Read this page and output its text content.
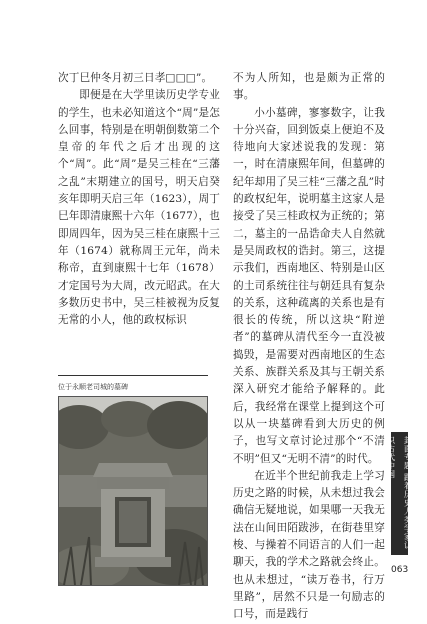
次丁巳仲冬月初三日孝□□□”。

即便是在大学里读历史学专业的学生，也未必知道这个“周”是怎么回事，特别是在明朝倒数第二个皇帝的年代之后才出现的这个“周”。此“周”是吴三桂在“三藩之乱”末期建立的国号，明天启癸亥年即明天启三年（1623），周丁巳年即清康熙十六年（1677），也即周四年，因为吴三桂在康熙十三年（1674）就称周王元年，尚未称帝，直到康熙十七年（1678）才定国号为大周，改元昭武。在大多数历史书中，吴三桂被视为反复无常的小人，他的政权标识

不为人所知，也是颇为正常的事。

小小墓碑，寥寥数字，让我十分兴奋，回到饭桌上便迫不及待地向大家述说我的发现：第一，时在清康熙年间，但墓碑的纪年却用了吴三桂“三藩之乱”时的政权纪年，说明墓主这家人是接受了吴三桂政权为正统的；第二，墓主的一品诰命夫人自然就是吴周政权的诰封。第三，这提示我们，西南地区、特别是山区的土司系统往往与朝廷具有复杂的关系，这种疏离的关系也是有很长的传统，所以这块“附逆者”的墓碑从清代至今一直没被捣毁，是需要对西南地区的生态关系、族群关系及其与王朝关系深入研究才能给予解释的。此后，我经常在课堂上提到这个可以从一块墓碑看到大历史的例子，也写文章讨论过那个“不清不明”但又“无明不清”的时代。

在近半个世纪前我走上学习历史之路的时候，从未想过我会确信无疑地说，如果哪一天我无法在山间田陌跋涉，在街巷里穿梭、与操着不同语言的人们一起聊天，我的学术之路就会终止。也从未想过，“读万卷书，行万里路”，居然不只是一句励志的口号，而是践行

位于永顺老司城的墓碑
封面专题 跟着历史人类学家认识古代中国
063
